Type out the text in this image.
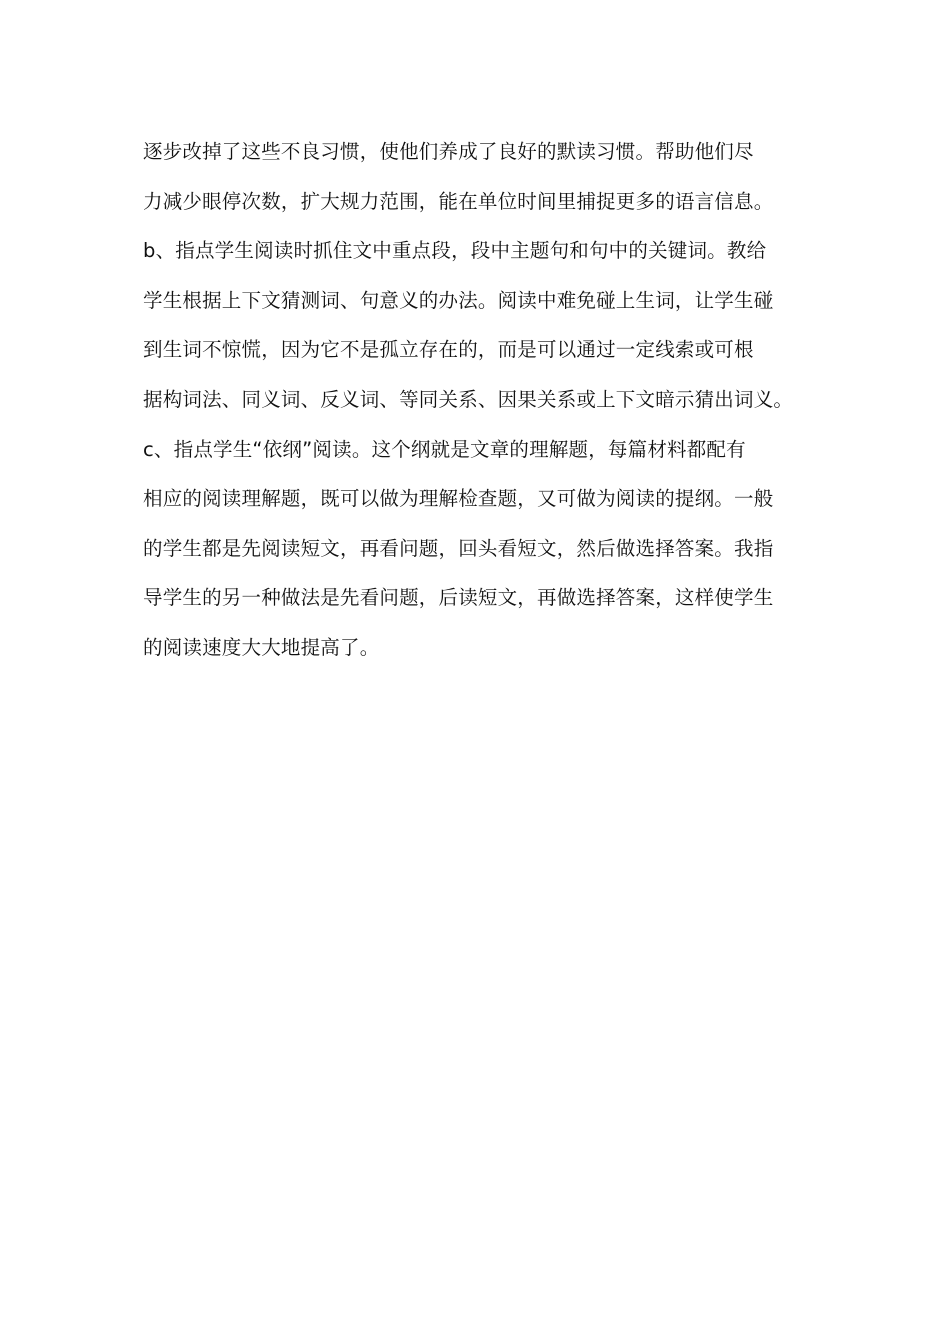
逐步改掉了这些不良习惯，使他们养成了良好的默读习惯。帮助他们尽
力减少眼停次数，扩大规力范围，能在单位时间里捕捉更多的语言信息。
b、指点学生阅读时抓住文中重点段，段中主题句和句中的关键词。教给
学生根据上下文猜测词、句意义的办法。阅读中难免碰上生词，让学生碰
到生词不惊慌，因为它不是孤立存在的，而是可以通过一定线索或可根
据构词法、同义词、反义词、等同关系、因果关系或上下文暗示猜出词义。
c、指点学生“依纲”阅读。这个纲就是文章的理解题，每篇材料都配有
相应的阅读理解题，既可以做为理解检查题，又可做为阅读的提纲。一般
的学生都是先阅读短文，再看问题，回头看短文，然后做选择答案。我指
导学生的另一种做法是先看问题，后读短文，再做选择答案，这样使学生
的阅读速度大大地提高了。
